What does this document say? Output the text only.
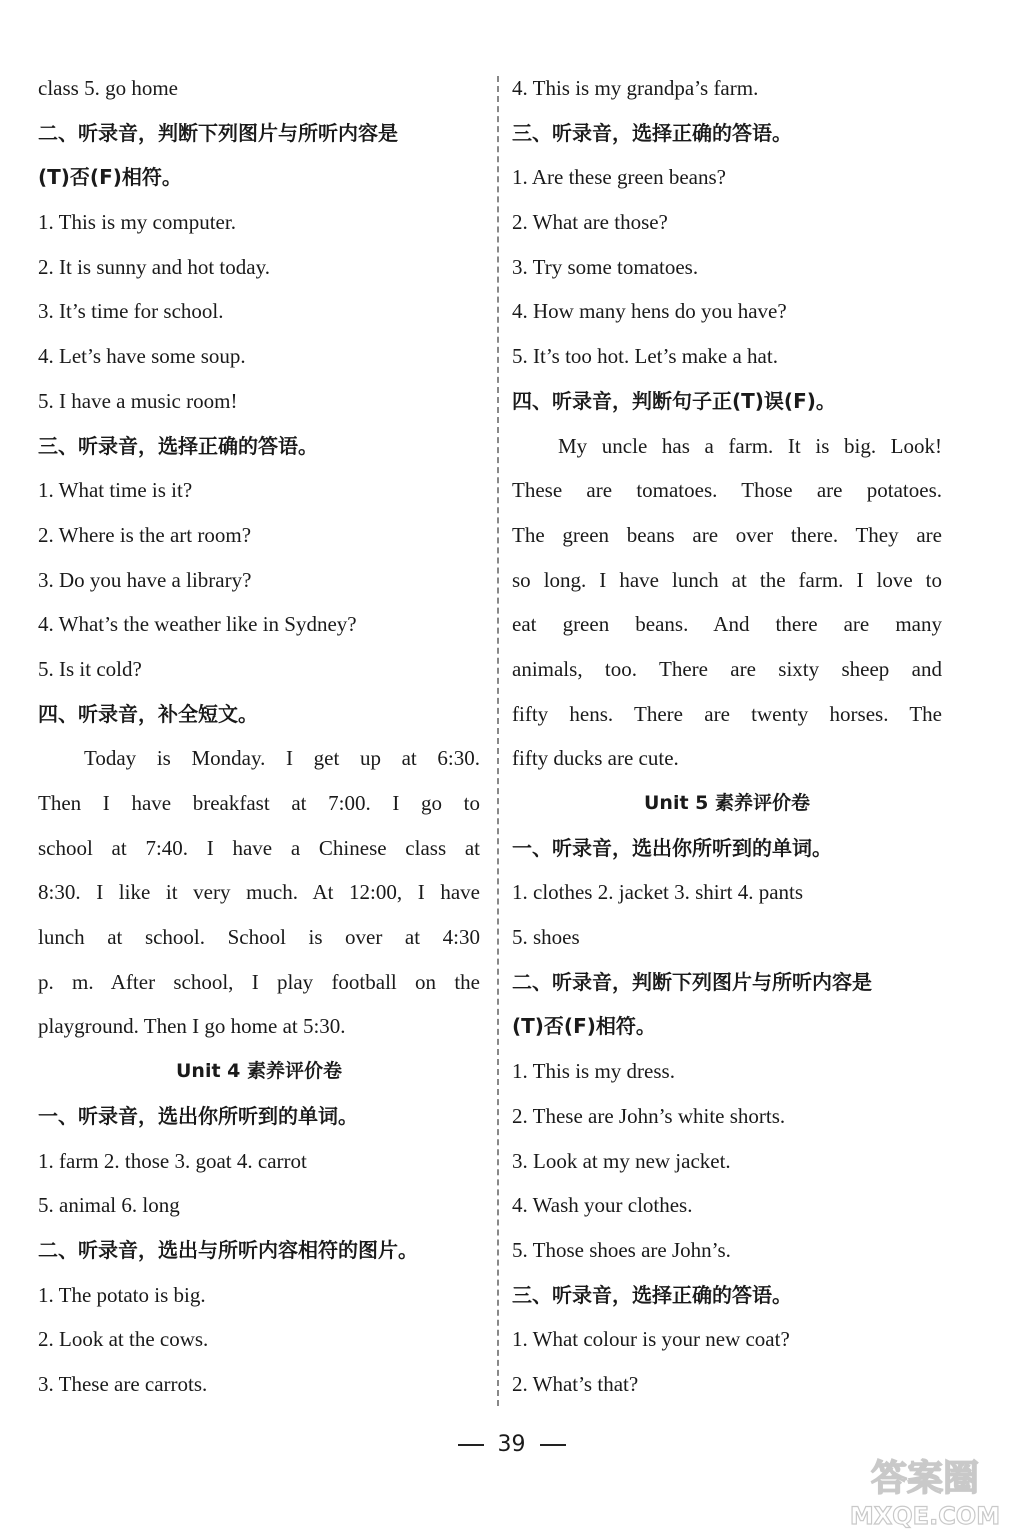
class 5. go home
二、听录音，判断下列图片与所听内容是
(T)否(F)相符。
1. This is my computer.
2. It is sunny and hot today.
3. It’s time for school.
4. Let’s have some soup.
5. I have a music room!
三、听录音，选择正确的答语。
1. What time is it?
2. Where is the art room?
3. Do you have a library?
4. What’s the weather like in Sydney?
5. Is it cold?
四、听录音，补全短文。
Today is Monday. I get up at 6:30.
Then I have breakfast at 7:00. I go to
school at 7:40. I have a Chinese class at
8:30. I like it very much. At 12:00, I have
lunch at school. School is over at 4:30
p. m. After school, I play football on the
playground. Then I go home at 5:30.
Unit 4 素养评价卷
一、听录音，选出你所听到的单词。
1. farm 2. those 3. goat 4. carrot
5. animal 6. long
二、听录音，选出与所听内容相符的图片。
1. The potato is big.
2. Look at the cows.
3. These are carrots.
4. This is my grandpa’s farm.
三、听录音，选择正确的答语。
1. Are these green beans?
2. What are those?
3. Try some tomatoes.
4. How many hens do you have?
5. It’s too hot. Let’s make a hat.
四、听录音，判断句子正(T)误(F)。
My uncle has a farm. It is big. Look!
These are tomatoes. Those are potatoes.
The green beans are over there. They are
so long. I have lunch at the farm. I love to
eat green beans. And there are many
animals, too. There are sixty sheep and
fifty hens. There are twenty horses. The
fifty ducks are cute.
Unit 5 素养评价卷
一、听录音，选出你所听到的单词。
1. clothes 2. jacket 3. shirt 4. pants
5. shoes
二、听录音，判断下列图片与所听内容是
(T)否(F)相符。
1. This is my dress.
2. These are John’s white shorts.
3. Look at my new jacket.
4. Wash your clothes.
5. Those shoes are John’s.
三、听录音，选择正确的答语。
1. What colour is your new coat?
2. What’s that?
39
答案圈
MXQE.COM
